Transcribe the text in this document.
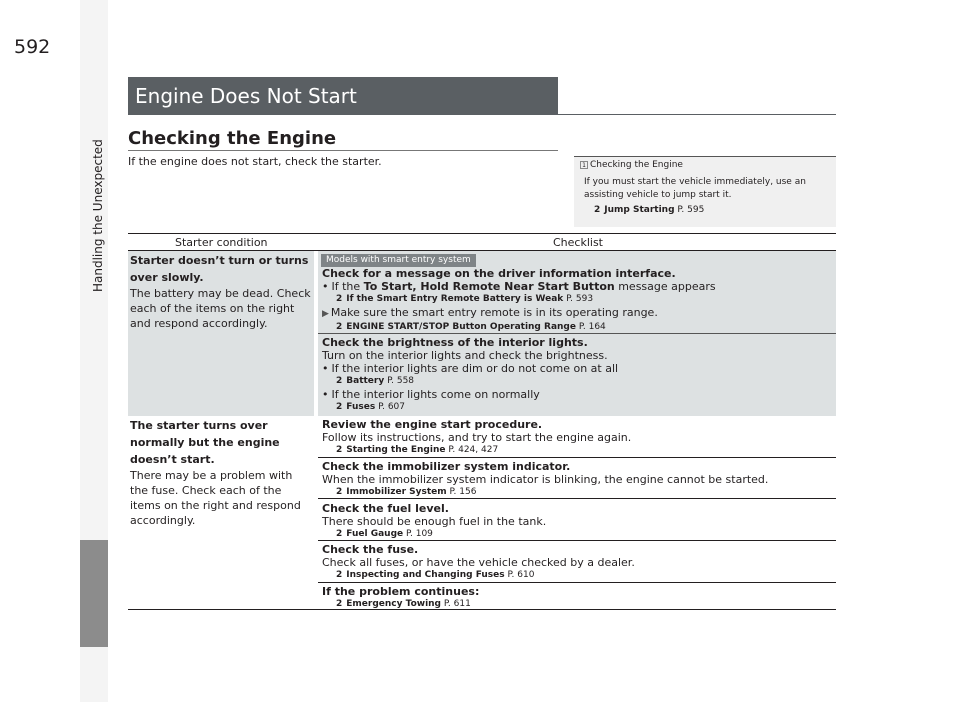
Handling the Unexpected
592
Engine Does Not Start
Checking the Engine
If the engine does not start, check the starter.	1 Checking the Engine
If you must start the vehicle immediately, use an assisting vehicle to jump start it.
2 Jump Starting P. 595
Starter condition	Checklist
Starter doesn’t turn or turns over slowly.
The battery may be dead. Check each of the items on the right and respond accordingly.
Models with smart entry system
Check for a message on the driver information interface.
• If the To Start, Hold Remote Near Start Button message appears
2 If the Smart Entry Remote Battery is Weak P. 593
▶ Make sure the smart entry remote is in its operating range.
2 ENGINE START/STOP Button Operating Range P. 164
Check the brightness of the interior lights.
Turn on the interior lights and check the brightness.
• If the interior lights are dim or do not come on at all
2 Battery P. 558
• If the interior lights come on normally
2 Fuses P. 607
The starter turns over normally but the engine doesn’t start.
There may be a problem with the fuse. Check each of the items on the right and respond accordingly.
Review the engine start procedure.
Follow its instructions, and try to start the engine again.
2 Starting the Engine P. 424, 427
Check the immobilizer system indicator.
When the immobilizer system indicator is blinking, the engine cannot be started.
2 Immobilizer System P. 156
Check the fuel level.
There should be enough fuel in the tank.
2 Fuel Gauge P. 109
Check the fuse.
Check all fuses, or have the vehicle checked by a dealer.
2 Inspecting and Changing Fuses P. 610
If the problem continues:
2 Emergency Towing P. 611
